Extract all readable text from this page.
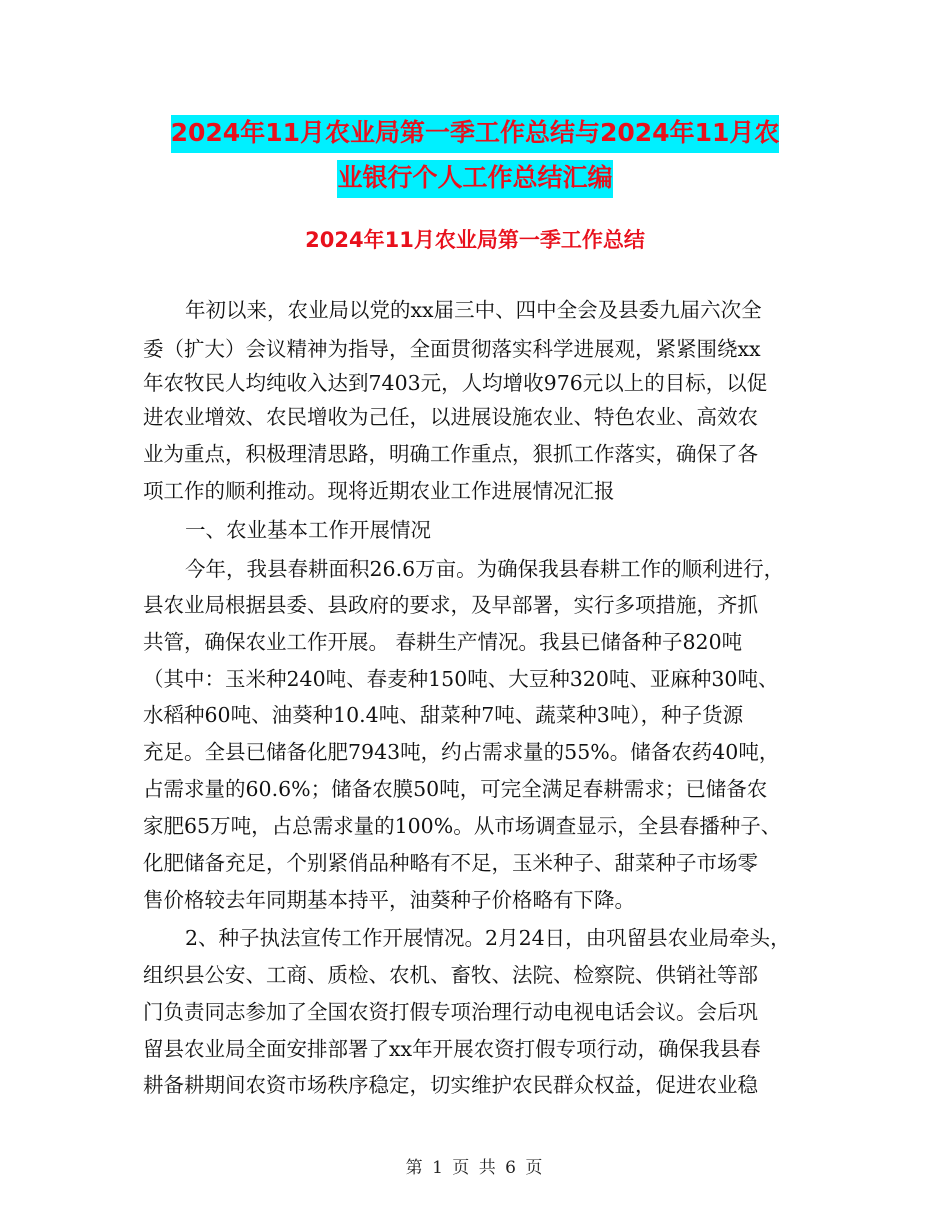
2024年11月农业局第一季工作总结与2024年11月农
业银行个人工作总结汇编
2024年11月农业局第一季工作总结

年初以来，农业局以党的xx届三中、四中全会及县委九届六次全

委（扩大）会议精神为指导，全面贯彻落实科学进展观，紧紧围绕xx

年农牧民人均纯收入达到7403元，人均增收976元以上的目标，以促

进农业增效、农民增收为己任，以进展设施农业、特色农业、高效农

业为重点，积极理清思路，明确工作重点，狠抓工作落实，确保了各

项工作的顺利推动。现将近期农业工作进展情况汇报

一、农业基本工作开展情况

今年，我县春耕面积26.6万亩。为确保我县春耕工作的顺利进行，

县农业局根据县委、县政府的要求，及早部署，实行多项措施，齐抓

共管，确保农业工作开展。 春耕生产情况。我县已储备种子820吨

（其中：玉米种240吨、春麦种150吨、大豆种320吨、亚麻种30吨、

水稻种60吨、油葵种10.4吨、甜菜种7吨、蔬菜种3吨），种子货源

充足。全县已储备化肥7943吨，约占需求量的55%。储备农药40吨，

占需求量的60.6%；储备农膜50吨，可完全满足春耕需求；已储备农

家肥65万吨，占总需求量的100%。从市场调查显示，全县春播种子、

化肥储备充足，个别紧俏品种略有不足，玉米种子、甜菜种子市场零

售价格较去年同期基本持平，油葵种子价格略有下降。

2、种子执法宣传工作开展情况。2月24日，由巩留县农业局牵头，

组织县公安、工商、质检、农机、畜牧、法院、检察院、供销社等部

门负责同志参加了全国农资打假专项治理行动电视电话会议。会后巩

留县农业局全面安排部署了xx年开展农资打假专项行动，确保我县春

耕备耕期间农资市场秩序稳定，切实维护农民群众权益，促进农业稳

第 1 页 共 6 页
